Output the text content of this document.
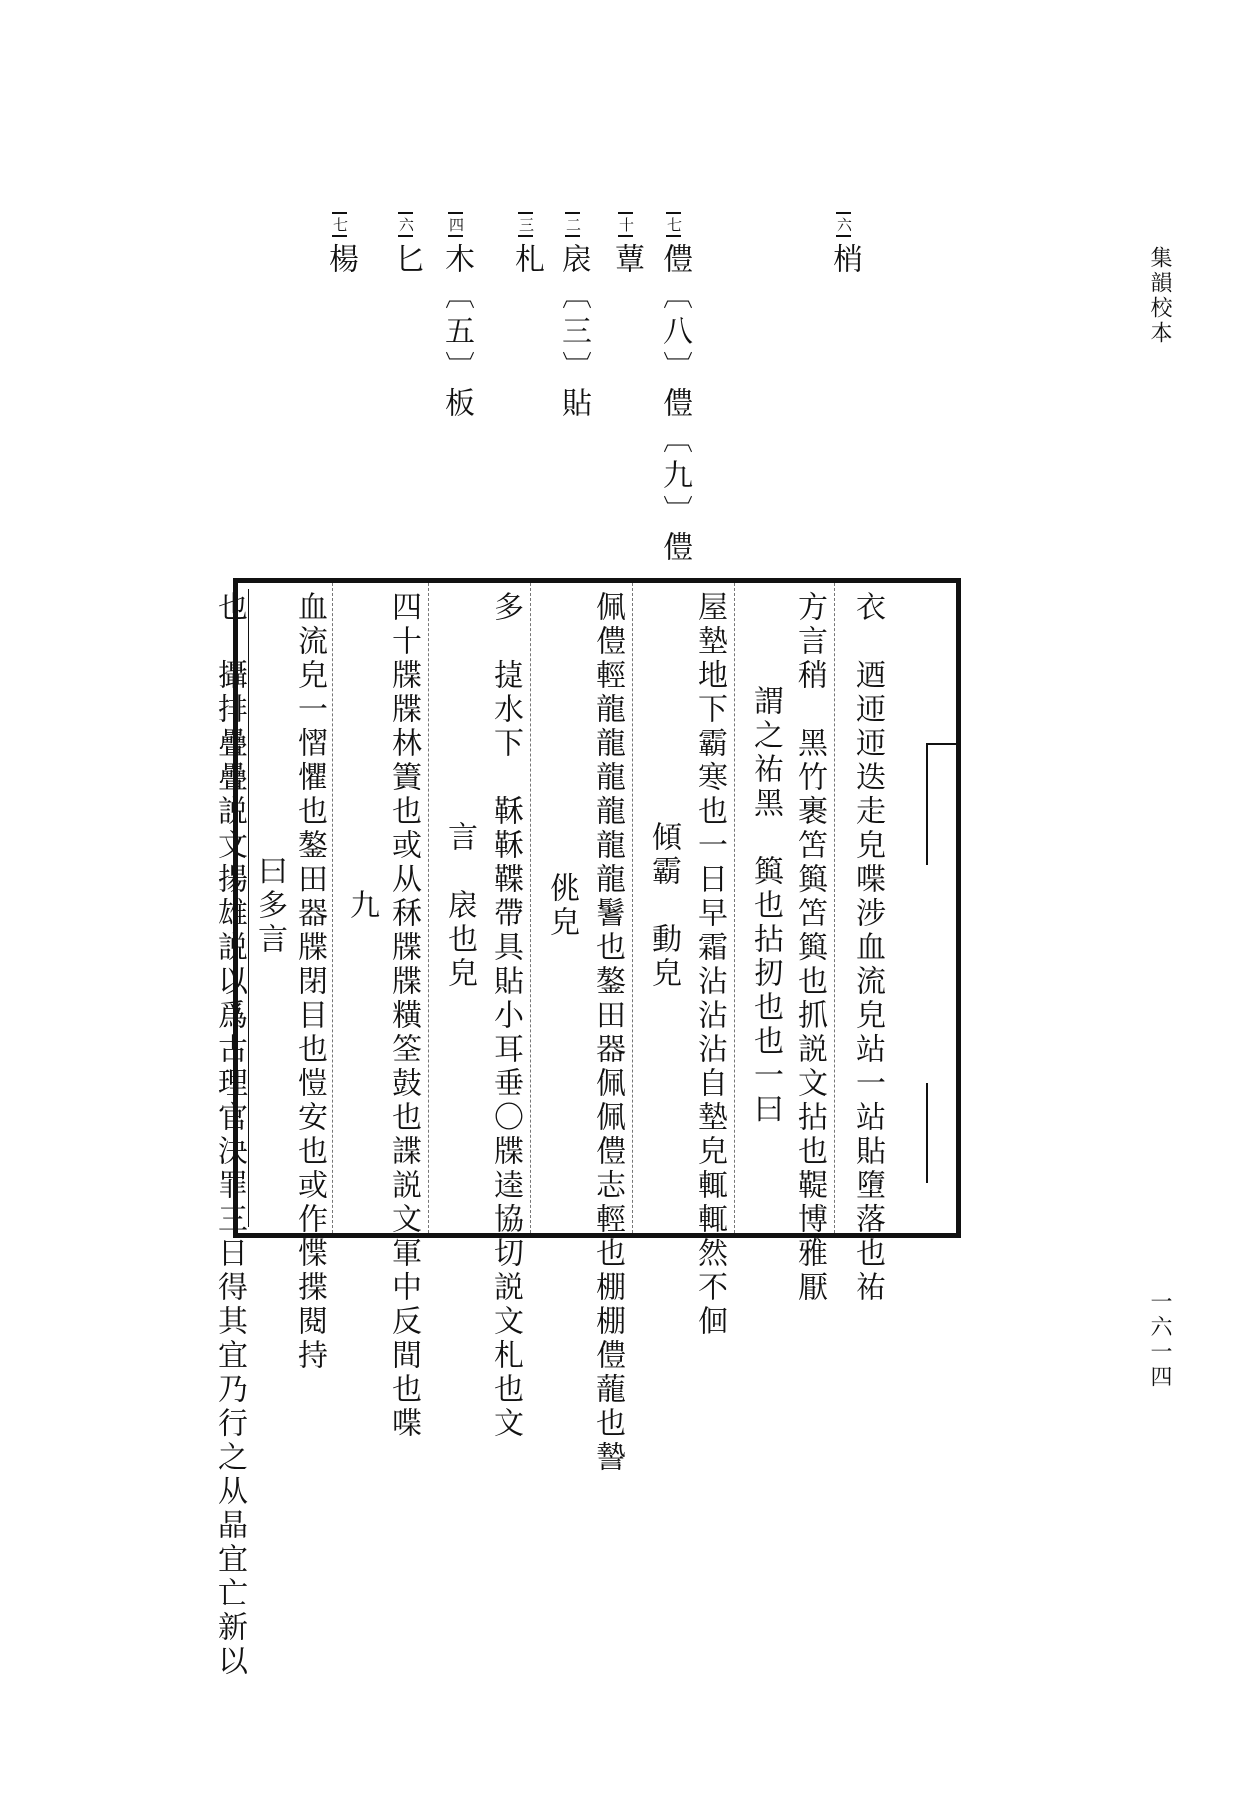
集韻校本
一六一四
六梢
七僼〔八〕僼〔九〕僼
十蕈
二扆〔三〕貼
三札
四木〔五〕板
六匕
七楊
衣　迺迊迊迭走皃喋涉血流皃站一站貼墮落也祐
方言稍　黑竹裹笘籅笘籅也抓説文拈也鞮博雅厭
謂之祐黑　籅也拈扨也也一曰
屋墊地下霸寒也一日早霜沾沾沾自墊皃輒輒然不佪
傾霸　動皃
佩僼輕龍龍龍龍龍龍鬐也鏊田器佩佩僼志輕也棚棚僼蘢也謺
佻皃
多　㨗水下　鞂鞂鞢帶具貼小耳垂〇牒逵協切説文札也文
言　扆也皃
四十牒牒林簀也或从秝牒牒䊣筌鼓也諜説文軍中反間也喋
九
血流皃一慴懼也鏊田器牒閉目也愷安也或作惵揲閱持
曰多言
也　攝排疊疊説文揚雄説以爲古理官決罪三日得其宜乃行之从晶宜亡新以
